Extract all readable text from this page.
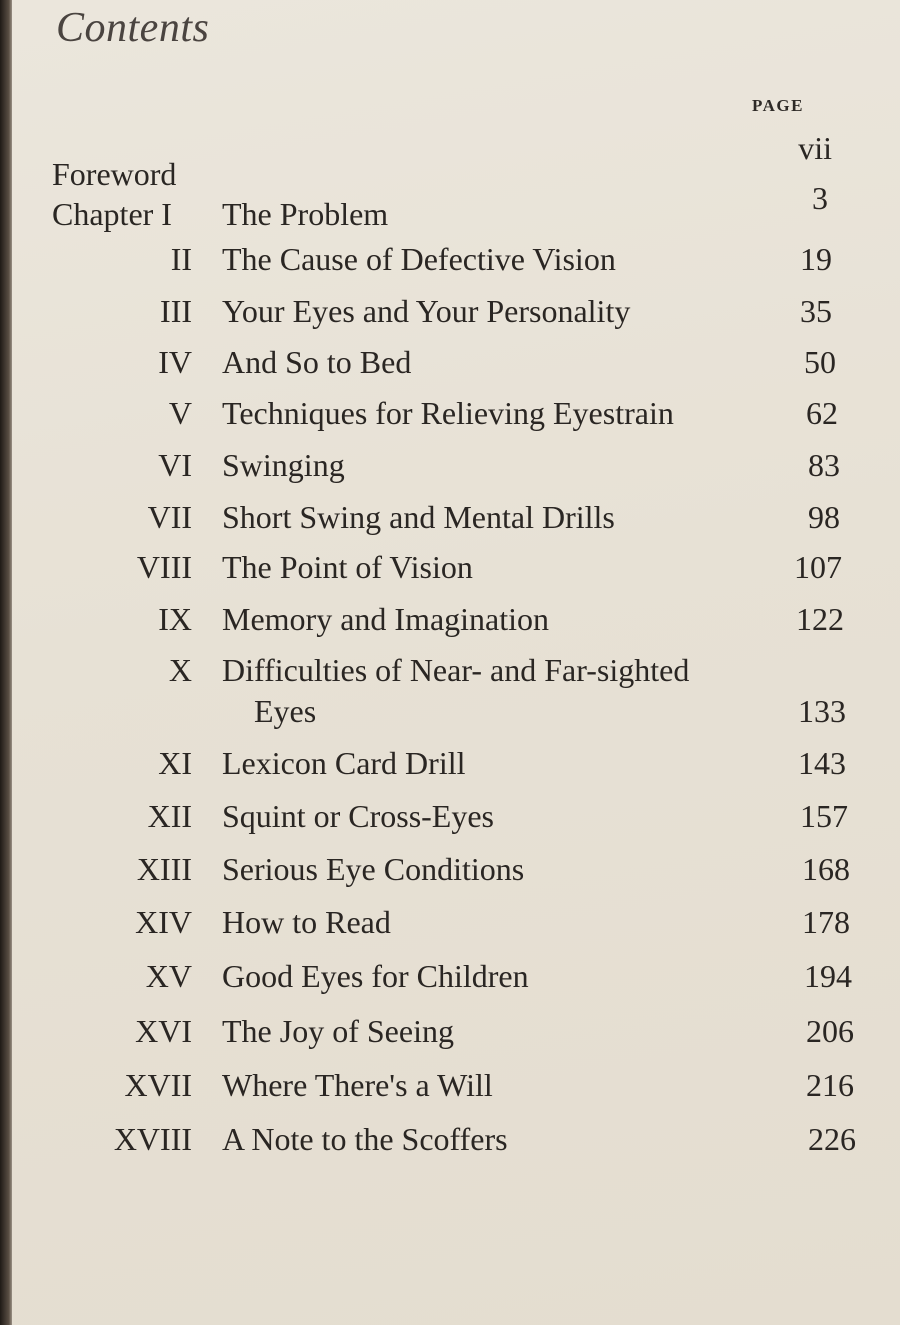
Contents
PAGE
Foreword
vii
Chapter I	The Problem	3
II The Cause of Defective Vision	19
III Your Eyes and Your Personality	35
IV And So to Bed	50
V Techniques for Relieving Eyestrain	62
VI Swinging	83
VII Short Swing and Mental Drills	98
VIII The Point of Vision	107
IX Memory and Imagination	122
X Difficulties of Near- and Far-sighted
Eyes	133
XI Lexicon Card Drill	143
XII Squint or Cross-Eyes	157
XIII Serious Eye Conditions	168
XIV How to Read	178
XV Good Eyes for Children	194
XVI The Joy of Seeing	206
XVII Where There's a Will	216
XVIII A Note to the Scoffers	226
